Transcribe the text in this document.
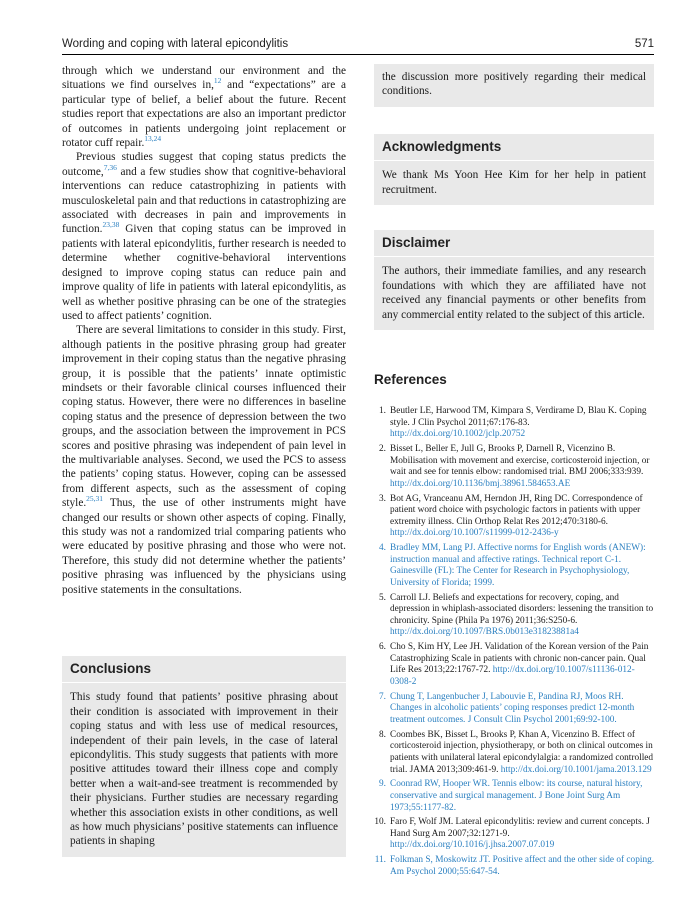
Wording and coping with lateral epicondylitis	571

through which we understand our environment and the situations we find ourselves in,$^{12}$ and “expectations” are a particular type of belief, a belief about the future. Recent studies report that expectations are also an important predictor of outcomes in patients undergoing joint replacement or rotator cuff repair.$^{13,24}$

Previous studies suggest that coping status predicts the outcome,$^{7,36}$ and a few studies show that cognitive-behavioral interventions can reduce catastrophizing in patients with musculoskeletal pain and that reductions in catastrophizing are associated with decreases in pain and improvements in function.$^{23,38}$ Given that coping status can be improved in patients with lateral epicondylitis, further research is needed to determine whether cognitive-behavioral interventions designed to improve coping status can reduce pain and improve quality of life in patients with lateral epicondylitis, as well as whether positive phrasing can be one of the strategies used to affect patients’ cognition.

There are several limitations to consider in this study. First, although patients in the positive phrasing group had greater improvement in their coping status than the negative phrasing group, it is possible that the patients’ innate optimistic mindsets or their favorable clinical courses influenced their coping status. However, there were no differences in baseline coping status and the presence of depression between the two groups, and the association between the improvement in PCS scores and positive phrasing was independent of pain level in the multivariable analyses. Second, we used the PCS to assess the patients’ coping status. However, coping can be assessed from different aspects, such as the assessment of coping style.$^{25,31}$ Thus, the use of other instruments might have changed our results or shown other aspects of coping. Finally, this study was not a randomized trial comparing patients who were educated by positive phrasing and those who were not. Therefore, this study did not determine whether the patients’ positive phrasing was influenced by the physicians using positive statements in the consultations.

Conclusions
This study found that patients’ positive phrasing about their condition is associated with improvement in their coping status and with less use of medical resources, independent of their pain levels, in the case of lateral epicondylitis. This study suggests that patients with more positive attitudes toward their illness cope and comply better when a wait-and-see treatment is recommended by their physicians. Further studies are necessary regarding whether this association exists in other conditions, as well as how much physicians’ positive statements can influence patients in shaping
the discussion more positively regarding their medical conditions.
Acknowledgments
We thank Ms Yoon Hee Kim for her help in patient recruitment.
Disclaimer
The authors, their immediate families, and any research foundations with which they are affiliated have not received any financial payments or other benefits from any commercial entity related to the subject of this article.
References
1. Beutler LE, Harwood TM, Kimpara S, Verdirame D, Blau K. Coping style. J Clin Psychol 2011;67:176-83. http://dx.doi.org/10.1002/jclp.20752
2. Bisset L, Beller E, Jull G, Brooks P, Darnell R, Vicenzino B. Mobilisation with movement and exercise, corticosteroid injection, or wait and see for tennis elbow: randomised trial. BMJ 2006;333:939. http://dx.doi.org/10.1136/bmj.38961.584653.AE
3. Bot AG, Vranceanu AM, Herndon JH, Ring DC. Correspondence of patient word choice with psychologic factors in patients with upper extremity illness. Clin Orthop Relat Res 2012;470:3180-6. http://dx.doi.org/10.1007/s11999-012-2436-y
4. Bradley MM, Lang PJ. Affective norms for English words (ANEW): instruction manual and affective ratings. Technical report C-1. Gainesville (FL): The Center for Research in Psychophysiology, University of Florida; 1999.
5. Carroll LJ. Beliefs and expectations for recovery, coping, and depression in whiplash-associated disorders: lessening the transition to chronicity. Spine (Phila Pa 1976) 2011;36:S250-6. http://dx.doi.org/10.1097/BRS.0b013e31823881a4
6. Cho S, Kim HY, Lee JH. Validation of the Korean version of the Pain Catastrophizing Scale in patients with chronic non-cancer pain. Qual Life Res 2013;22:1767-72. http://dx.doi.org/10.1007/s11136-012-0308-2
7. Chung T, Langenbucher J, Labouvie E, Pandina RJ, Moos RH. Changes in alcoholic patients’ coping responses predict 12-month treatment outcomes. J Consult Clin Psychol 2001;69:92-100.
8. Coombes BK, Bisset L, Brooks P, Khan A, Vicenzino B. Effect of corticosteroid injection, physiotherapy, or both on clinical outcomes in patients with unilateral lateral epicondylalgia: a randomized controlled trial. JAMA 2013;309:461-9. http://dx.doi.org/10.1001/jama.2013.129
9. Coonrad RW, Hooper WR. Tennis elbow: its course, natural history, conservative and surgical management. J Bone Joint Surg Am 1973;55:1177-82.
10. Faro F, Wolf JM. Lateral epicondylitis: review and current concepts. J Hand Surg Am 2007;32:1271-9. http://dx.doi.org/10.1016/j.jhsa.2007.07.019
11. Folkman S, Moskowitz JT. Positive affect and the other side of coping. Am Psychol 2000;55:647-54.
